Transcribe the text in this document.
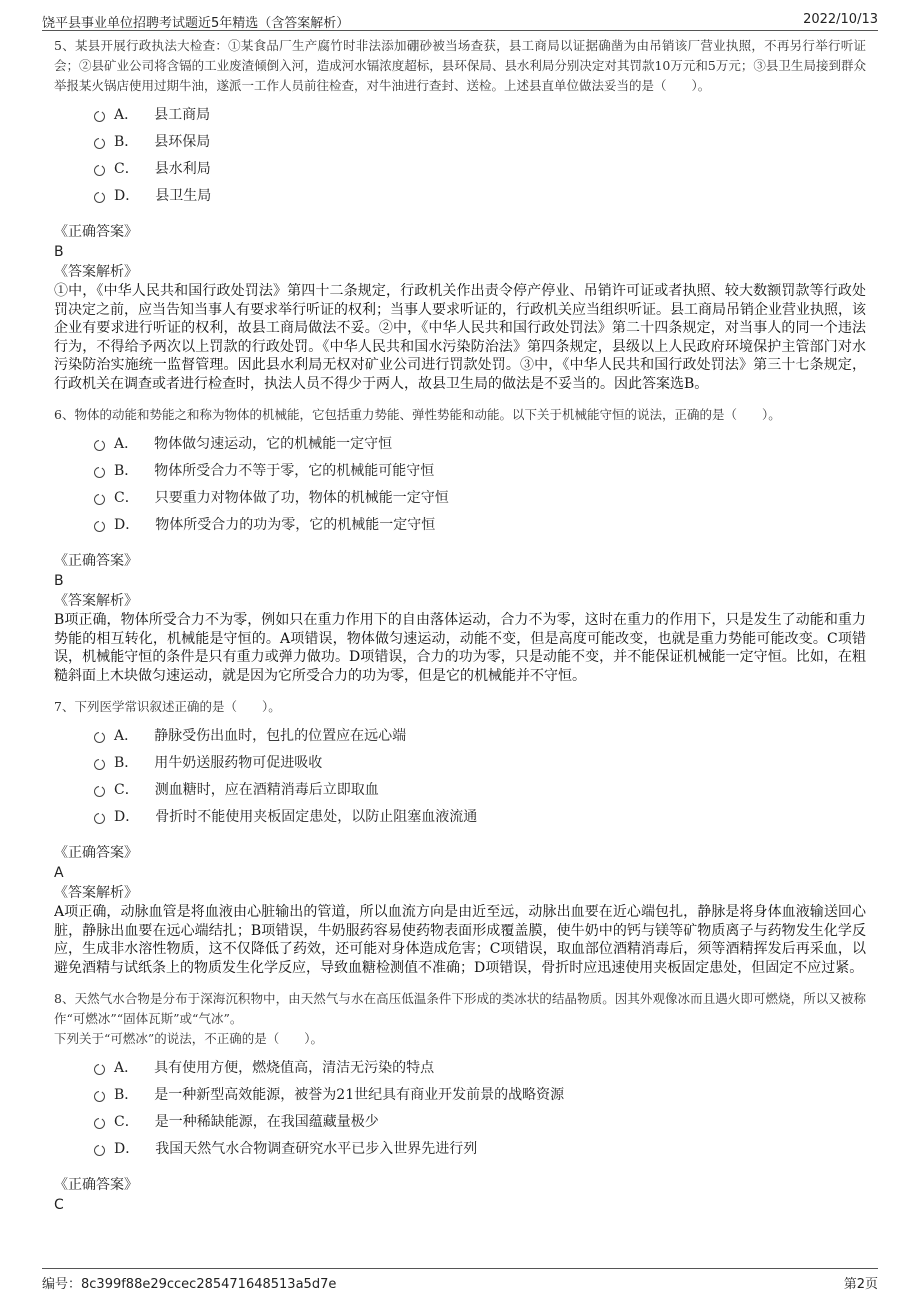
饶平县事业单位招聘考试题近5年精选（含答案解析）	2022/10/13
5、某县开展行政执法大检查：①某食品厂生产腐竹时非法添加硼砂被当场查获，县工商局以证据确凿为由吊销该厂营业执照，不再另行举行听证会；②县矿业公司将含镉的工业废渣倾倒入河，造成河水镉浓度超标，县环保局、县水利局分别决定对其罚款10万元和5万元；③县卫生局接到群众举报某火锅店使用过期牛油，遂派一工作人员前往检查，对牛油进行查封、送检。上述县直单位做法妥当的是（　　）。
A． 县工商局
B． 县环保局
C． 县水利局
D． 县卫生局
《正确答案》
B
《答案解析》
①中，《中华人民共和国行政处罚法》第四十二条规定，行政机关作出责令停产停业、吊销许可证或者执照、较大数额罚款等行政处罚决定之前，应当告知当事人有要求举行听证的权利；当事人要求听证的，行政机关应当组织听证。县工商局吊销企业营业执照，该企业有要求进行听证的权利，故县工商局做法不妥。②中，《中华人民共和国行政处罚法》第二十四条规定，对当事人的同一个违法行为，不得给予两次以上罚款的行政处罚。《中华人民共和国水污染防治法》第四条规定，县级以上人民政府环境保护主管部门对水污染防治实施统一监督管理。因此县水利局无权对矿业公司进行罚款处罚。③中，《中华人民共和国行政处罚法》第三十七条规定，行政机关在调查或者进行检查时，执法人员不得少于两人，故县卫生局的做法是不妥当的。因此答案选B。
6、物体的动能和势能之和称为物体的机械能，它包括重力势能、弹性势能和动能。以下关于机械能守恒的说法，正确的是（　　）。
A． 物体做匀速运动，它的机械能一定守恒
B． 物体所受合力不等于零，它的机械能可能守恒
C． 只要重力对物体做了功，物体的机械能一定守恒
D． 物体所受合力的功为零，它的机械能一定守恒
《正确答案》
B
《答案解析》
B项正确，物体所受合力不为零，例如只在重力作用下的自由落体运动，合力不为零，这时在重力的作用下，只是发生了动能和重力势能的相互转化，机械能是守恒的。A项错误，物体做匀速运动，动能不变，但是高度可能改变，也就是重力势能可能改变。C项错误，机械能守恒的条件是只有重力或弹力做功。D项错误，合力的功为零，只是动能不变，并不能保证机械能一定守恒。比如，在粗糙斜面上木块做匀速运动，就是因为它所受合力的功为零，但是它的机械能并不守恒。
7、下列医学常识叙述正确的是（　　）。
A． 静脉受伤出血时，包扎的位置应在远心端
B． 用牛奶送服药物可促进吸收
C． 测血糖时，应在酒精消毒后立即取血
D． 骨折时不能使用夹板固定患处，以防止阻塞血液流通
《正确答案》
A
《答案解析》
A项正确，动脉血管是将血液由心脏输出的管道，所以血流方向是由近至远，动脉出血要在近心端包扎，静脉是将身体血液输送回心脏，静脉出血要在远心端结扎；B项错误，牛奶服药容易使药物表面形成覆盖膜，使牛奶中的钙与镁等矿物质离子与药物发生化学反应，生成非水溶性物质，这不仅降低了药效，还可能对身体造成危害；C项错误，取血部位酒精消毒后，须等酒精挥发后再采血，以避免酒精与试纸条上的物质发生化学反应，导致血糖检测值不准确；D项错误，骨折时应迅速使用夹板固定患处，但固定不应过紧。
8、天然气水合物是分布于深海沉积物中，由天然气与水在高压低温条件下形成的类冰状的结晶物质。因其外观像冰而且遇火即可燃烧，所以又被称作“可燃冰”“固体瓦斯”或“气冰”。
下列关于“可燃冰”的说法，不正确的是（　　）。
A． 具有使用方便，燃烧值高，清洁无污染的特点
B． 是一种新型高效能源，被誉为21世纪具有商业开发前景的战略资源
C． 是一种稀缺能源，在我国蕴藏量极少
D． 我国天然气水合物调查研究水平已步入世界先进行列
《正确答案》
C
编号：8c399f88e29ccec285471648513a5d7e	第2页
